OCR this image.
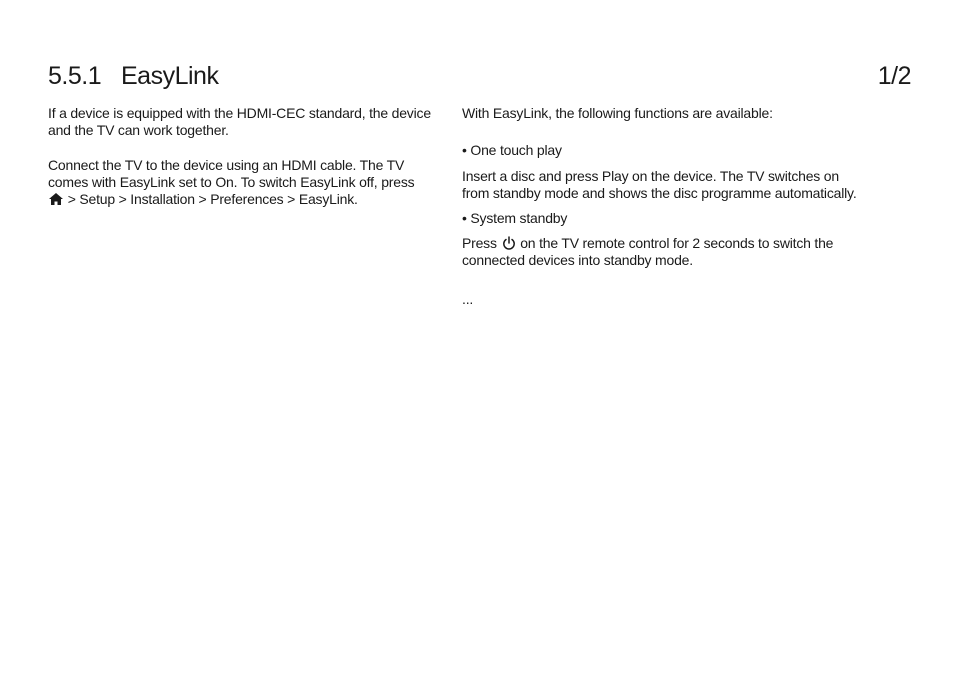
5.5.1 EasyLink	1/2

If a device is equipped with the HDMI-CEC standard, the device and the TV can work together.

Connect the TV to the device using an HDMI cable. The TV comes with EasyLink set to On. To switch EasyLink off, press
> Setup > Installation > Preferences > EasyLink.

With EasyLink, the following functions are available:

• One touch play

Insert a disc and press Play on the device. The TV switches on from standby mode and shows the disc programme automatically.

• System standby

Press on the TV remote control for 2 seconds to switch the connected devices into standby mode.

...
